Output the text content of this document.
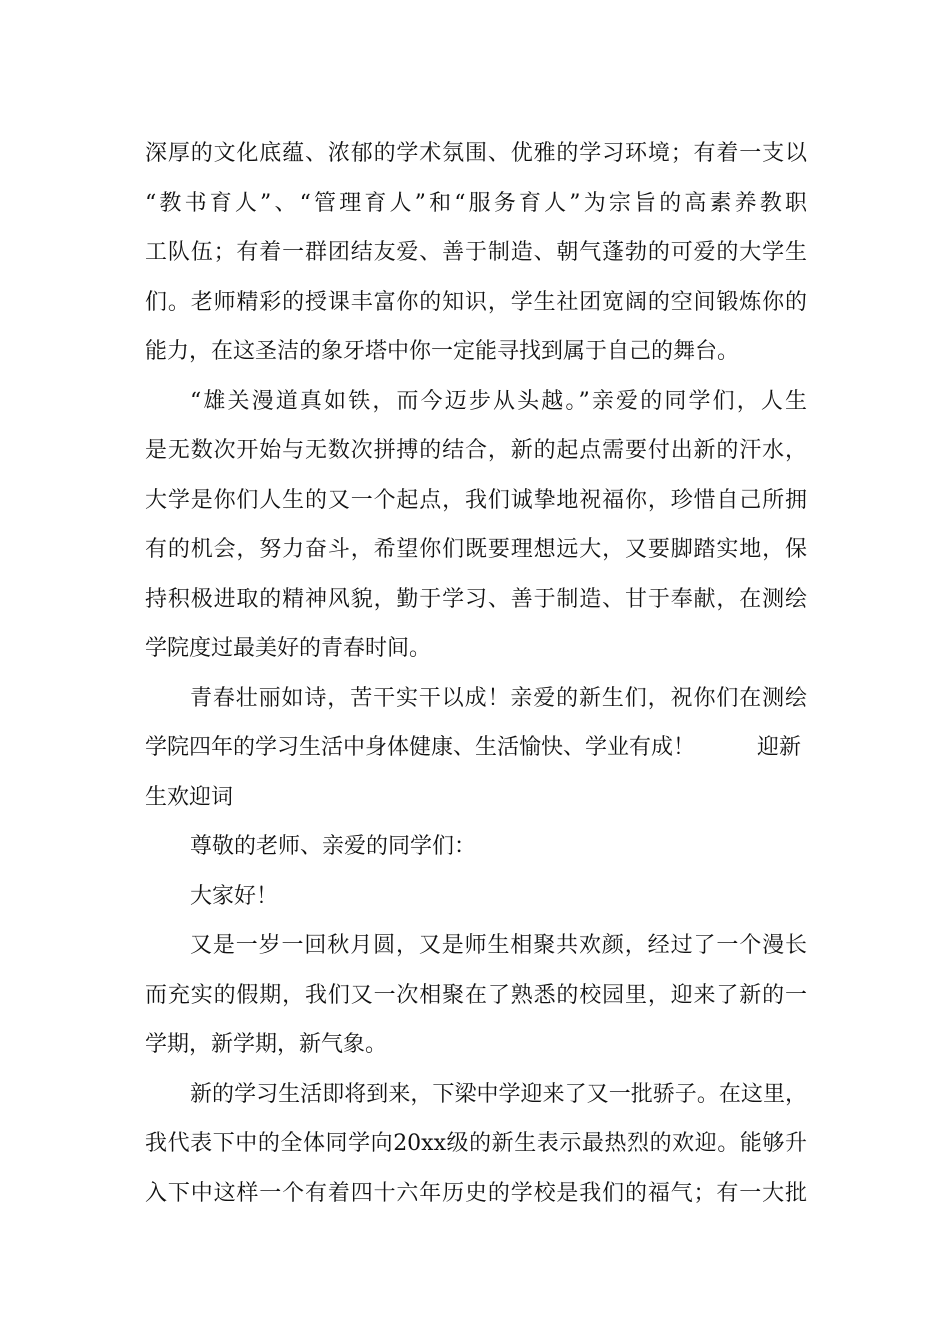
深厚的文化底蕴、浓郁的学术氛围、优雅的学习环境；有着一支以
“教书育人”、“管理育人”和“服务育人”为宗旨的高素养教职
工队伍；有着一群团结友爱、善于制造、朝气蓬勃的可爱的大学生
们。老师精彩的授课丰富你的知识，学生社团宽阔的空间锻炼你的
能力，在这圣洁的象牙塔中你一定能寻找到属于自己的舞台。
“雄关漫道真如铁，而今迈步从头越。”亲爱的同学们，人生
是无数次开始与无数次拼搏的结合，新的起点需要付出新的汗水，
大学是你们人生的又一个起点，我们诚挚地祝福你，珍惜自己所拥
有的机会，努力奋斗，希望你们既要理想远大，又要脚踏实地，保
持积极进取的精神风貌，勤于学习、善于制造、甘于奉献，在测绘
学院度过最美好的青春时间。
青春壮丽如诗，苦干实干以成！亲爱的新生们，祝你们在测绘
学院四年的学习生活中身体健康、生活愉快、学业有成！	迎新
生欢迎词
尊敬的老师、亲爱的同学们：
大家好！
又是一岁一回秋月圆，又是师生相聚共欢颜，经过了一个漫长
而充实的假期，我们又一次相聚在了熟悉的校园里，迎来了新的一
学期，新学期，新气象。
新的学习生活即将到来，下梁中学迎来了又一批骄子。在这里，
我代表下中的全体同学向20xx级的新生表示最热烈的欢迎。能够升
入下中这样一个有着四十六年历史的学校是我们的福气；有一大批
